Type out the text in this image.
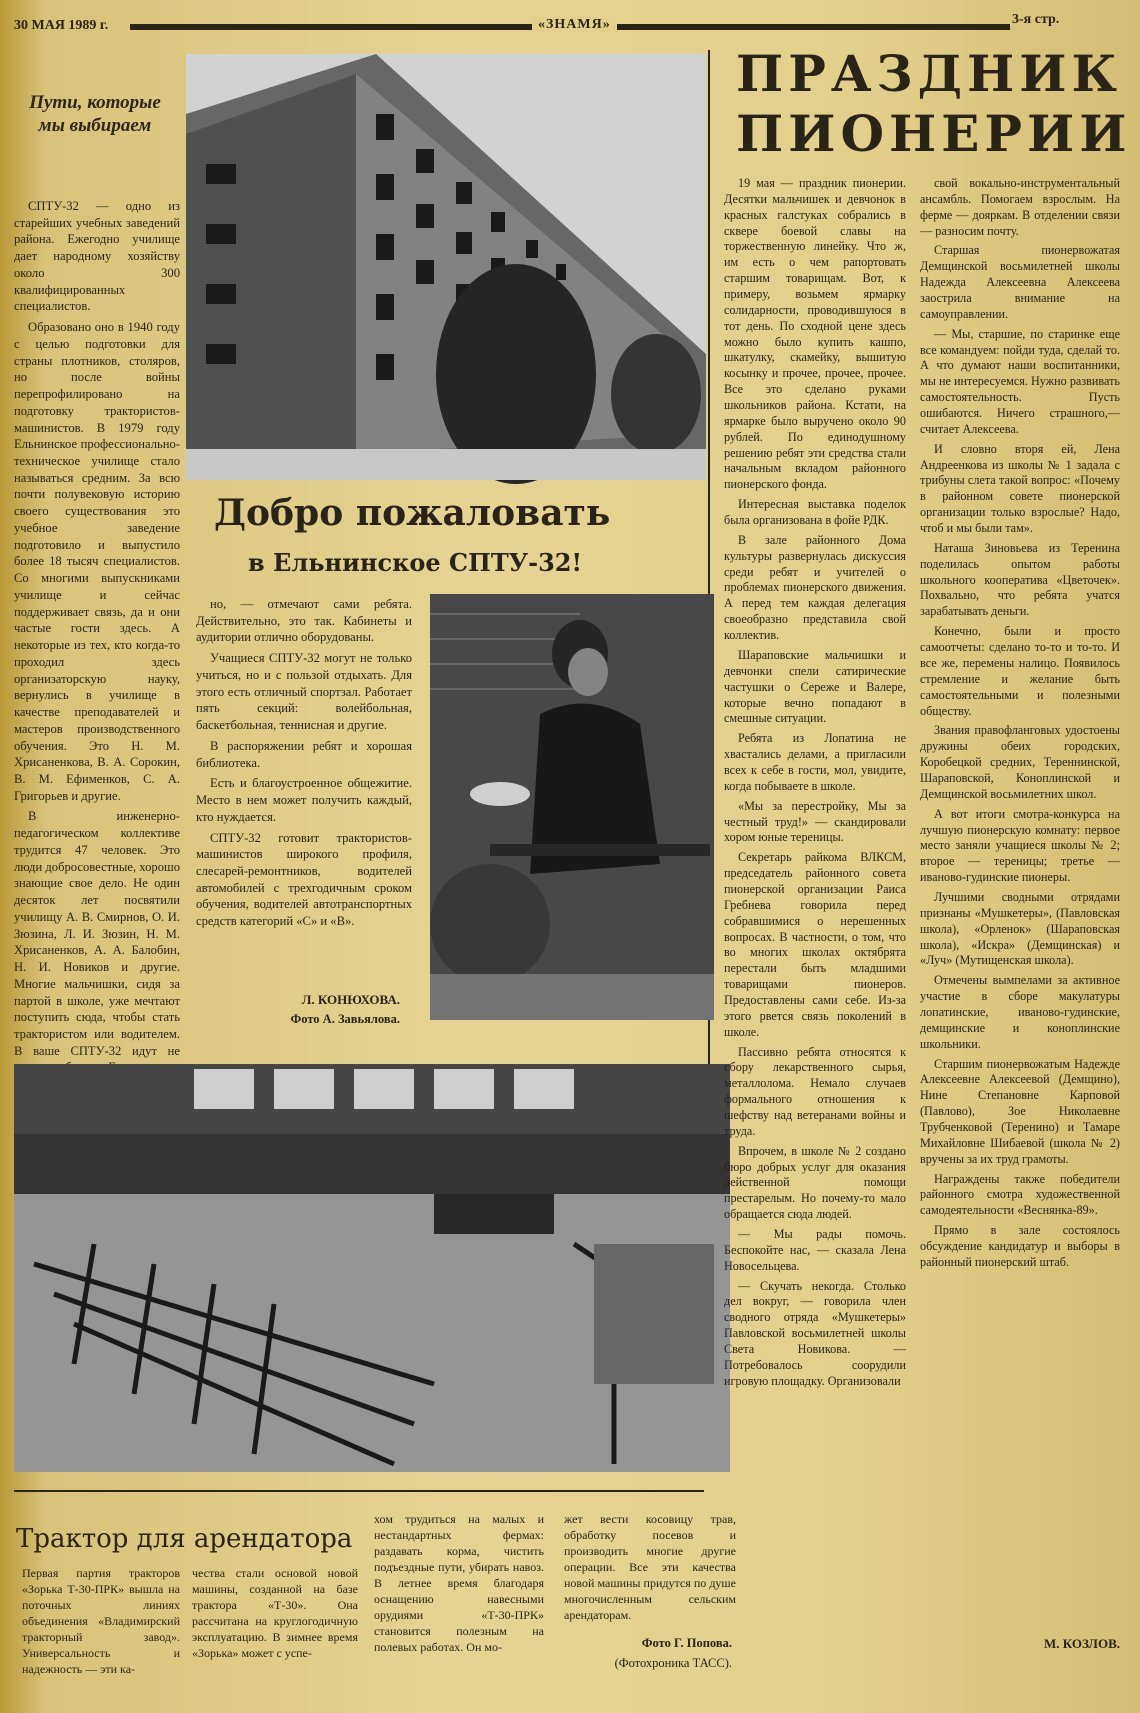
30 МАЯ 1989 г.	«ЗНАМЯ»	3-я стр.
Пути, которые мы выбираем

СПТУ-32 — одно из старейших учебных заведений района. Ежегодно училище дает народному хозяйству около 300 квалифицированных специалистов.

Образовано оно в 1940 году с целью подготовки для страны плотников, столяров, но после войны перепрофилировано на подготовку трактористов-машинистов. В 1979 году Ельнинское профессионально-техническое училище стало называться средним. За всю почти полувековую историю своего существования это учебное заведение подготовило и выпустило более 18 тысяч специалистов. Со многими выпускниками училище и сейчас поддерживает связь, да и они частые гости здесь. А некоторые из тех, кто когда-то проходил здесь организаторскую науку, вернулись в училище в качестве преподавателей и мастеров производственного обучения. Это Н. М. Хрисаненкова, В. А. Сорокин, В. М. Ефименков, С. А. Григорьев и другие.

В инженерно-педагогическом коллективе трудится 47 человек. Это люди добросовестные, хорошо знающие свое дело. Не один десяток лет посвятили училищу А. В. Смирнов, О. И. Зюзина, Л. И. Зюзин, Н. М. Хрисаненков, А. А. Балобин, Н. И. Новиков и другие. Многие мальчишки, сидя за партой в школе, уже мечтают поступить сюда, чтобы стать трактористом или водителем. В ваше СПТУ-32 идут не

Добро пожаловать
в Ельнинское СПТУ-32!

но, — отмечают сами ребята. Действительно, это так. Кабинеты и аудитории отлично оборудованы.

Учащиеся СПТУ-32 могут не только учиться, но и с пользой отдыхать. Для этого есть отличный спортзал. Работает пять секций: волейбольная, баскетбольная, теннисная и другие.

В распоряжении ребят и хорошая библиотека.

Есть и благоустроенное общежитие. Место в нем может получить каждый, кто нуждается.

СПТУ-32 готовит трактористов-машинистов широкого профиля, слесарей-ремонтников, водителей автомобилей с трехгодичным сроком обучения, водителей автотранспортных средств категорий «С» и «В».

Л. КОНЮХОВА.
Фото А. Завьялова.
Трактор для арендатора
Первая партия тракторов «Зорька Т-30-ПРК» вышла на поточных линиях объединения «Владимирский тракторный завод». Универсальность и надежность — эти ка-
чества стали основой новой машины, созданной на базе трактора «Т-30». Она рассчитана на круглогодичную эксплуатацию. В зимнее время «Зорька» может с успе-
хом трудиться на малых и нестандартных фермах: раздавать корма, чистить подъездные пути, убирать навоз. В летнее время благодаря оснащению навесными орудиями «Т-30-ПРК» становится полезным на полевых работах. Он мо-
жет вести косовицу трав, обработку посевов и производить многие другие операции. Все эти качества новой машины придутся по душе многочисленным сельским арендаторам.
Фото Г. Попова.
(Фотохроника ТАСС).
ПРАЗДНИК
ПИОНЕРИИ

19 мая — праздник пионерии. Десятки мальчишек и девчонок в красных галстуках собрались в сквере боевой славы на торжественную линейку. Что ж, им есть о чем рапортовать старшим товарищам. Вот, к примеру, возьмем ярмарку солидарности, проводившуюся в тот день. По сходной цене здесь можно было купить кашпо, шкатулку, скамейку, вышитую косынку и прочее, прочее, прочее. Все это сделано руками школьников района. Кстати, на ярмарке было выручено около 90 рублей. По единодушному решению ребят эти средства стали начальным вкладом районного пионерского фонда.

Интересная выставка поделок была организована в фойе РДК.

В зале районного Дома культуры развернулась дискуссия среди ребят и учителей о проблемах пионерского движения. А перед тем каждая делегация своеобразно представила свой коллектив.

Шараповские мальчишки и девчонки спели сатирические частушки о Сереже и Валере, которые вечно попадают в смешные ситуации.

Ребята из Лопатина не хвастались делами, а пригласили всех к себе в гости, мол, увидите, когда побываете в школе.

«Мы за перестройку, Мы за честный труд!» — скандировали хором юные тереницы.

Секретарь райкома ВЛКСМ, председатель районного совета пионерской организации Раиса Гребнева говорила перед собравшимися о нерешенных вопросах. В частности, о том, что во многих школах октябрята перестали быть младшими товарищами пионеров. Предоставлены сами себе. Из-за этого рвется связь поколений в школе.

Пассивно ребята относятся к сбору лекарственного сырья, металлолома. Немало случаев формального отношения к шефству над ветеранами войны и труда.

Впрочем, в школе № 2 создано бюро добрых услуг для оказания действенной помощи престарелым. Но почему-то мало обращается сюда людей.

— Мы рады помочь. Беспокойте нас, — сказала Лена Новосельцева.

— Скучать некогда. Столько дел вокруг, — говорила член сводного отряда «Мушкетеры» Павловской восьмилетней школы Света Новикова. — Потребовалось соорудили игровую площадку. Организовали

свой вокально-инструментальный ансамбль. Помогаем взрослым. На ферме — дояркам. В отделении связи — разносим почту.

Старшая пионервожатая Демщинской восьмилетней школы Надежда Алексеевна Алексеева заострила внимание на самоуправлении.

— Мы, старшие, по старинке еще все командуем: пойди туда, сделай то. А что думают наши воспитанники, мы не интересуемся. Нужно развивать самостоятельность. Пусть ошибаются. Ничего страшного,— считает Алексеева.

И словно вторя ей, Лена Андреенкова из школы № 1 задала с трибуны слета такой вопрос: «Почему в районном совете пионерской организации только взрослые? Надо, чтоб и мы были там».

Наташа Зиновьева из Теренина поделилась опытом работы школьного кооператива «Цветочек». Похвально, что ребята учатся зарабатывать деньги.

Конечно, были и просто самоотчеты: сделано то-то и то-то. И все же, перемены налицо. Появилось стремление и желание быть самостоятельными и полезными обществу.

Звания правофланговых удостоены дружины обеих городских, Коробецкой средних, Тереннинской, Шараповской, Коноплинской и Демщинской восьмилетних школ.

А вот итоги смотра-конкурса на лучшую пионерскую комнату: первое место заняли учащиеся школы № 2; второе — тереницы; третье — иваново-гудинские пионеры.

Лучшими сводными отрядами признаны «Мушкетеры», (Павловская школа), «Орленок» (Шараповская школа), «Искра» (Демщинская) и «Луч» (Мутищенская школа).

Отмечены вымпелами за активное участие в сборе макулатуры лопатинские, иваново-гудинские, демщинские и коноплинские школьники.

Старшим пионервожатым Надежде Алексеевне Алексеевой (Демщино), Нине Степановне Карповой (Павлово), Зое Николаевне Трубченковой (Теренино) и Тамаре Михайловне Шибаевой (школа № 2) вручены за их труд грамоты.

Награждены также победители районного смотра художественной самодеятельности «Веснянка-89».

Прямо в зале состоялось обсуждение кандидатур и выборы в районный пионерский штаб.

М. КОЗЛОВ.
